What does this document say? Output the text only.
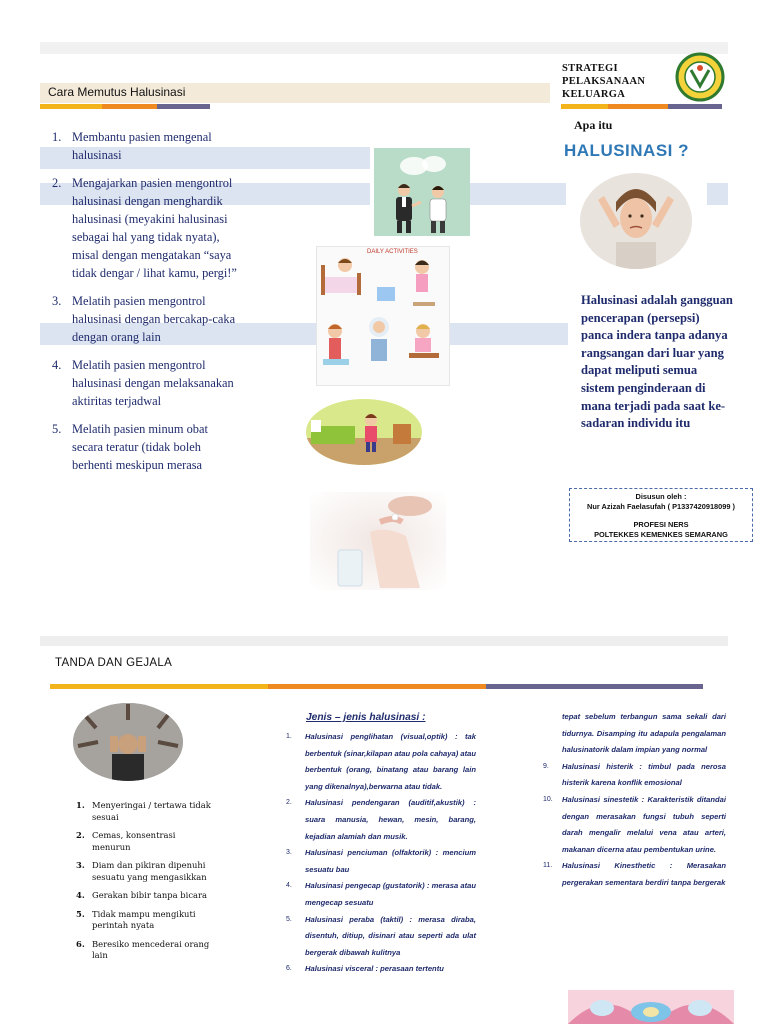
Cara Memutus Halusinasi
1. Membantu pasien mengenal halusinasi
2. Mengajarkan pasien mengontrol halusinasi dengan menghardik halusinasi (meyakini halusinasi sebagai hal yang tidak nyata), misal dengan mengatakan “saya tidak dengar / lihat kamu, pergi!”
3. Melatih pasien mengontrol halusinasi dengan bercakap-caka dengan orang lain
4. Melatih pasien mengontrol halusinasi dengan melaksanakan aktiritas terjadwal
5. Melatih pasien minum obat secara teratur (tidak boleh berhenti meskipun merasa
DAILY ACTIVITIES
STRATEGI
PELAKSANAAN
KELUARGA
Apa itu
HALUSINASI ?
Halusinasi adalah gangguan pencerapan (persepsi) panca indera tanpa adanya rangsangan dari luar yang dapat meliputi semua sistem penginderaan di mana terjadi pada saat ke-sadaran individu itu
Disusun oleh :
Nur Azizah Faelasufah ( P1337420918099 )
PROFESI NERS
POLTEKKES KEMENKES SEMARANG
TANDA DAN GEJALA
1. Menyeringai / tertawa tidak sesuai
2. Cemas, konsentrasi menurun
3. Diam dan pikiran dipenuhi sesuatu yang mengasikkan
4. Gerakan bibir tanpa bicara
5. Tidak mampu mengikuti perintah nyata
6. Beresiko mencederai orang lain
Jenis – jenis halusinasi :
1. Halusinasi penglihatan (visual,optik) : tak berbentuk (sinar,kilapan atau pola cahaya) atau berbentuk (orang, binatang atau barang lain yang dikenalnya),berwarna atau tidak.
2. Halusinasi pendengaran (auditif,akustik) : suara manusia, hewan, mesin, barang, kejadian alamiah dan musik.
3. Halusinasi penciuman (olfaktorik) : mencium sesuatu bau
4. Halusinasi pengecap (gustatorik) : merasa atau mengecap sesuatu
5. Halusinasi peraba (taktil) : merasa diraba, disentuh, ditiup, disinari atau seperti ada ulat bergerak dibawah kulitnya
6. Halusinasi visceral : perasaan tertentu
tepat sebelum terbangun sama sekali dari tidurnya. Disamping itu adapula pengalaman halusinatorik dalam impian yang normal
9. Halusinasi histerik : timbul pada nerosa histerik karena konflik emosional
10. Halusinasi sinestetik : Karakteristik ditandai dengan merasakan fungsi tubuh seperti darah mengalir melalui vena atau arteri, makanan dicerna atau pembentukan urine.
11. Halusinasi Kinesthetic : Merasakan pergerakan sementara berdiri tanpa bergerak
